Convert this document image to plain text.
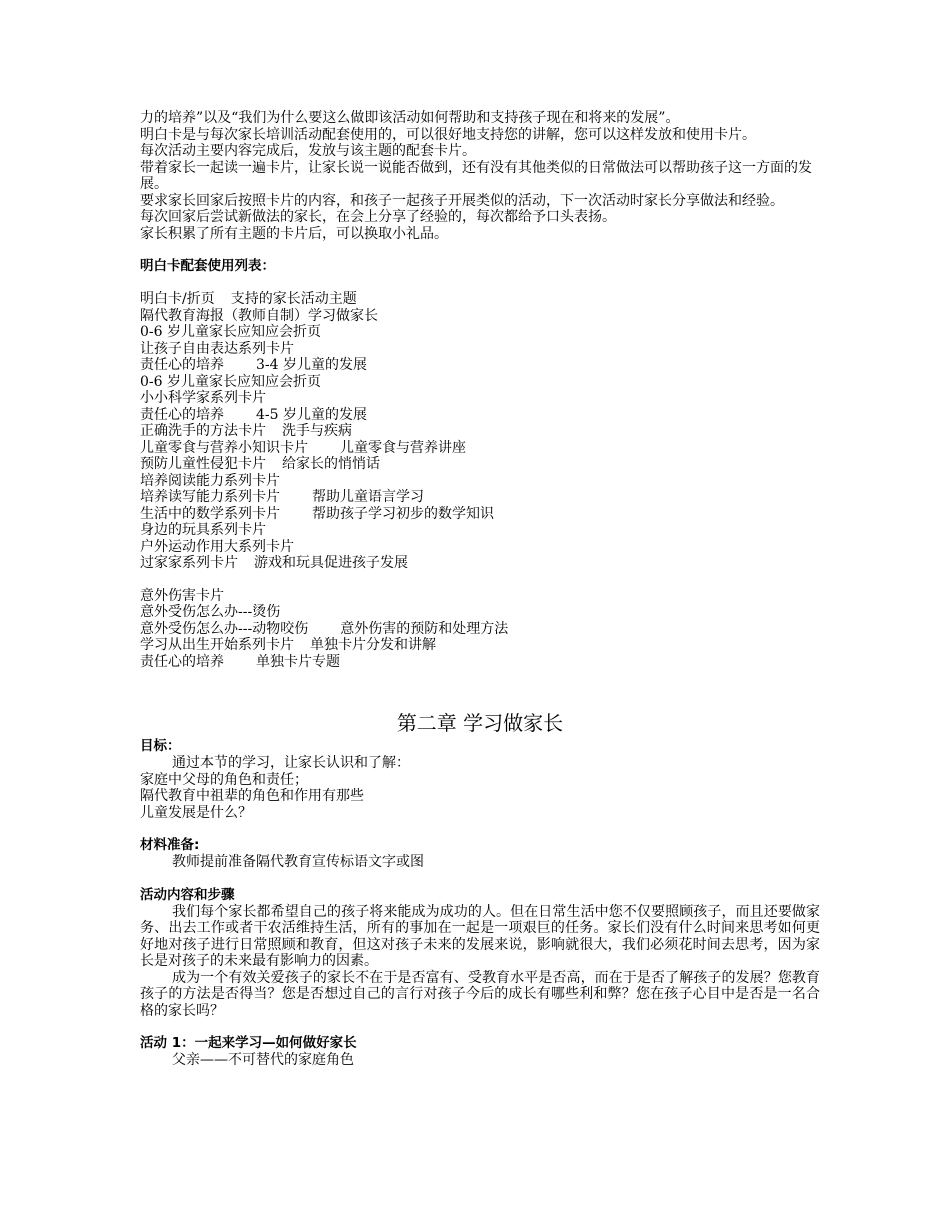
力的培养”以及“我们为什么要这么做即该活动如何帮助和支持孩子现在和将来的发展”。

明白卡是与每次家长培训活动配套使用的，可以很好地支持您的讲解，您可以这样发放和使用卡片。

每次活动主要内容完成后，发放与该主题的配套卡片。

带着家长一起读一遍卡片，让家长说一说能否做到，还有没有其他类似的日常做法可以帮助孩子这一方面的发展。

要求家长回家后按照卡片的内容，和孩子一起孩子开展类似的活动，下一次活动时家长分享做法和经验。

每次回家后尝试新做法的家长，在会上分享了经验的，每次都给予口头表扬。

家长积累了所有主题的卡片后，可以换取小礼品。

明白卡配套使用列表：

明白卡/折页 支持的家长活动主题
隔代教育海报（教师自制）学习做家长
0-6 岁儿童家长应知应会折页
让孩子自由表达系列卡片
责任心的培养 3-4 岁儿童的发展
0-6 岁儿童家长应知应会折页
小小科学家系列卡片
责任心的培养 4-5 岁儿童的发展
正确洗手的方法卡片 洗手与疾病
儿童零食与营养小知识卡片 儿童零食与营养讲座
预防儿童性侵犯卡片 给家长的悄悄话
培养阅读能力系列卡片
培养读写能力系列卡片 帮助儿童语言学习
生活中的数学系列卡片 帮助孩子学习初步的数学知识
身边的玩具系列卡片
户外运动作用大系列卡片
过家家系列卡片 游戏和玩具促进孩子发展
意外伤害卡片
意外受伤怎么办---烫伤
意外受伤怎么办---动物咬伤 意外伤害的预防和处理方法
学习从出生开始系列卡片 单独卡片分发和讲解
责任心的培养 单独卡片专题

第二章 学习做家长

目标：

通过本节的学习，让家长认识和了解：

家庭中父母的角色和责任；

隔代教育中祖辈的角色和作用有那些

儿童发展是什么？

材料准备:

教师提前准备隔代教育宣传标语文字或图

活动内容和步骤

我们每个家长都希望自己的孩子将来能成为成功的人。但在日常生活中您不仅要照顾孩子，而且还要做家务、出去工作或者干农活维持生活，所有的事加在一起是一项艰巨的任务。家长们没有什么时间来思考如何更好地对孩子进行日常照顾和教育，但这对孩子未来的发展来说，影响就很大，我们必须花时间去思考，因为家长是对孩子的未来最有影响力的因素。

成为一个有效关爱孩子的家长不在于是否富有、受教育水平是否高，而在于是否了解孩子的发展？您教育孩子的方法是否得当？您是否想过自己的言行对孩子今后的成长有哪些利和弊？您在孩子心目中是否是一名合格的家长吗？

活动 1：一起来学习—如何做好家长

父亲——不可替代的家庭角色
